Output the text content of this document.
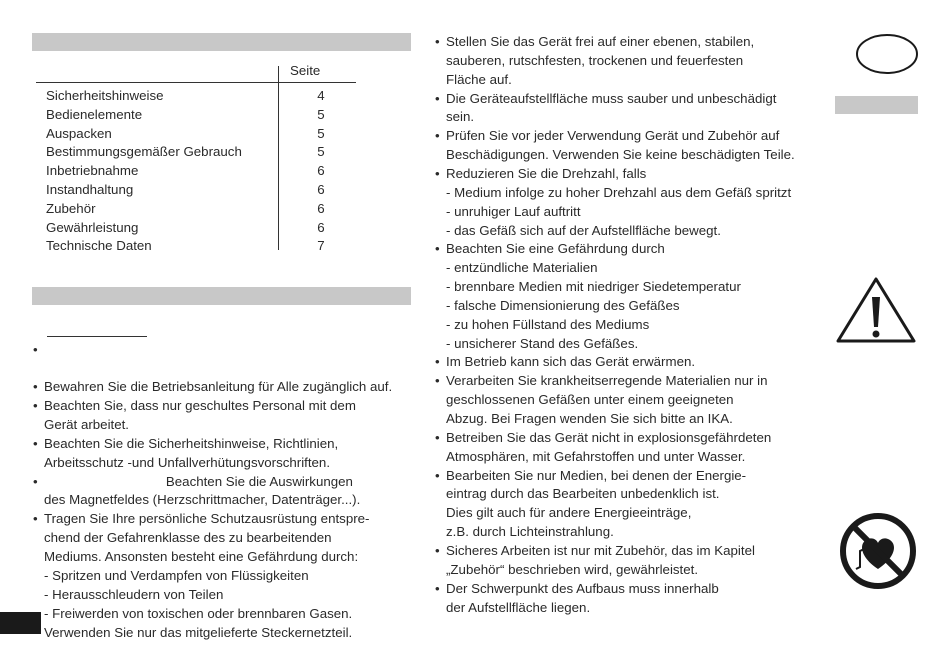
Seite
Sicherheitshinweise	4
Bedienelemente	5
Auspacken	5
Bestimmungsgemäßer Gebrauch	5
Inbetriebnahme	6
Instandhaltung	6
Zubehör	6
Gewährleistung	6
Technische Daten	7
•
• Bewahren Sie die Betriebsanleitung für Alle zugänglich auf.
• Beachten Sie, dass nur geschultes Personal mit dem
Gerät arbeitet.
• Beachten Sie die Sicherheitshinweise, Richtlinien,
Arbeitsschutz -und Unfallverhütungsvorschriften.
• Beachten Sie die Auswirkungen
des Magnetfeldes (Herzschrittmacher, Datenträger...).
• Tragen Sie Ihre persönliche Schutzausrüstung entspre-
chend der Gefahrenklasse des zu bearbeitenden
Mediums. Ansonsten besteht eine Gefährdung durch:
- Spritzen und Verdampfen von Flüssigkeiten
- Herausschleudern von Teilen
- Freiwerden von toxischen oder brennbaren Gasen.
Verwenden Sie nur das mitgelieferte Steckernetzteil.
• Stellen Sie das Gerät frei auf einer ebenen, stabilen,
sauberen, rutschfesten, trockenen und feuerfesten
Fläche auf.
• Die Geräteaufstellfläche muss sauber und unbeschädigt
sein.
• Prüfen Sie vor jeder Verwendung Gerät und Zubehör auf
Beschädigungen. Verwenden Sie keine beschädigten Teile.
• Reduzieren Sie die Drehzahl, falls
- Medium infolge zu hoher Drehzahl aus dem Gefäß spritzt
- unruhiger Lauf auftritt
- das Gefäß sich auf der Aufstellfläche bewegt.
• Beachten Sie eine Gefährdung durch
- entzündliche Materialien
- brennbare Medien mit niedriger Siedetemperatur
- falsche Dimensionierung des Gefäßes
- zu hohen Füllstand des Mediums
- unsicherer Stand des Gefäßes.
• Im Betrieb kann sich das Gerät erwärmen.
• Verarbeiten Sie krankheitserregende Materialien nur in
geschlossenen Gefäßen unter einem geeigneten
Abzug. Bei Fragen wenden Sie sich bitte an IKA.
• Betreiben Sie das Gerät nicht in explosionsgefährdeten
Atmosphären, mit Gefahrstoffen und unter Wasser.
• Bearbeiten Sie nur Medien, bei denen der Energie-
eintrag durch das Bearbeiten unbedenklich ist.
Dies gilt auch für andere Energieeinträge,
z.B. durch Lichteinstrahlung.
• Sicheres Arbeiten ist nur mit Zubehör, das im Kapitel
„Zubehör“ beschrieben wird, gewährleistet.
• Der Schwerpunkt des Aufbaus muss innerhalb
der Aufstellfläche liegen.
